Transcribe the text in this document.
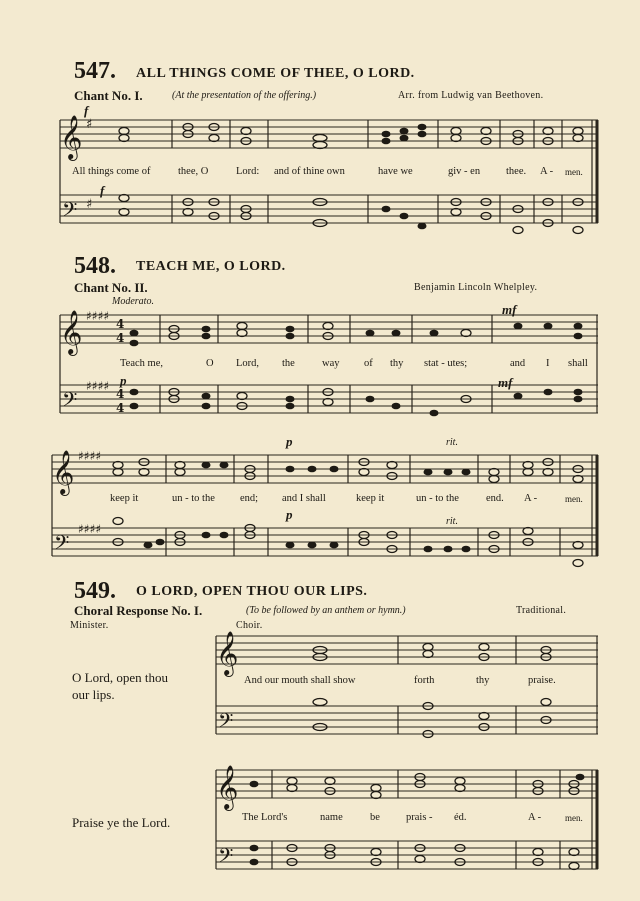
547. ALL THINGS COME OF THEE, O LORD.
Chant No. I.	(At the presentation of the offering.)	Arr. from Ludwig van Beethoven.
f
f
𝄞
𝄢
♯
♯
𝄞
𝄢
♯♯♯♯
♯♯♯♯
4
4
4
4
𝄞
𝄢
♯♯♯♯
♯♯♯♯
𝄞
𝄢
𝄞
𝄢
All things come of	thee, O	Lord: and of thine own	have we	giv - en thee. A - men.
548. TEACH ME, O LORD.
Chant No. II.	Benjamin Lincoln Whelpley.
Moderato.
mf
p	mf
p	rit.
p	rit.
Teach me,	O Lord, the	way of thy stat - utes;	and I shall
keep it	un - to the end; and I shall	keep it	un - to the	end. A -	men.
549. O LORD, OPEN THOU OUR LIPS.
Choral Response No. I.	(To be followed by an anthem or hymn.)	Traditional.
Minister.	Choir.
O Lord, open thou
our lips.
Praise ye the Lord.
And our mouth shall show	forth	thy	praise.
The Lord's	name	be prais - éd.	A -	men.
